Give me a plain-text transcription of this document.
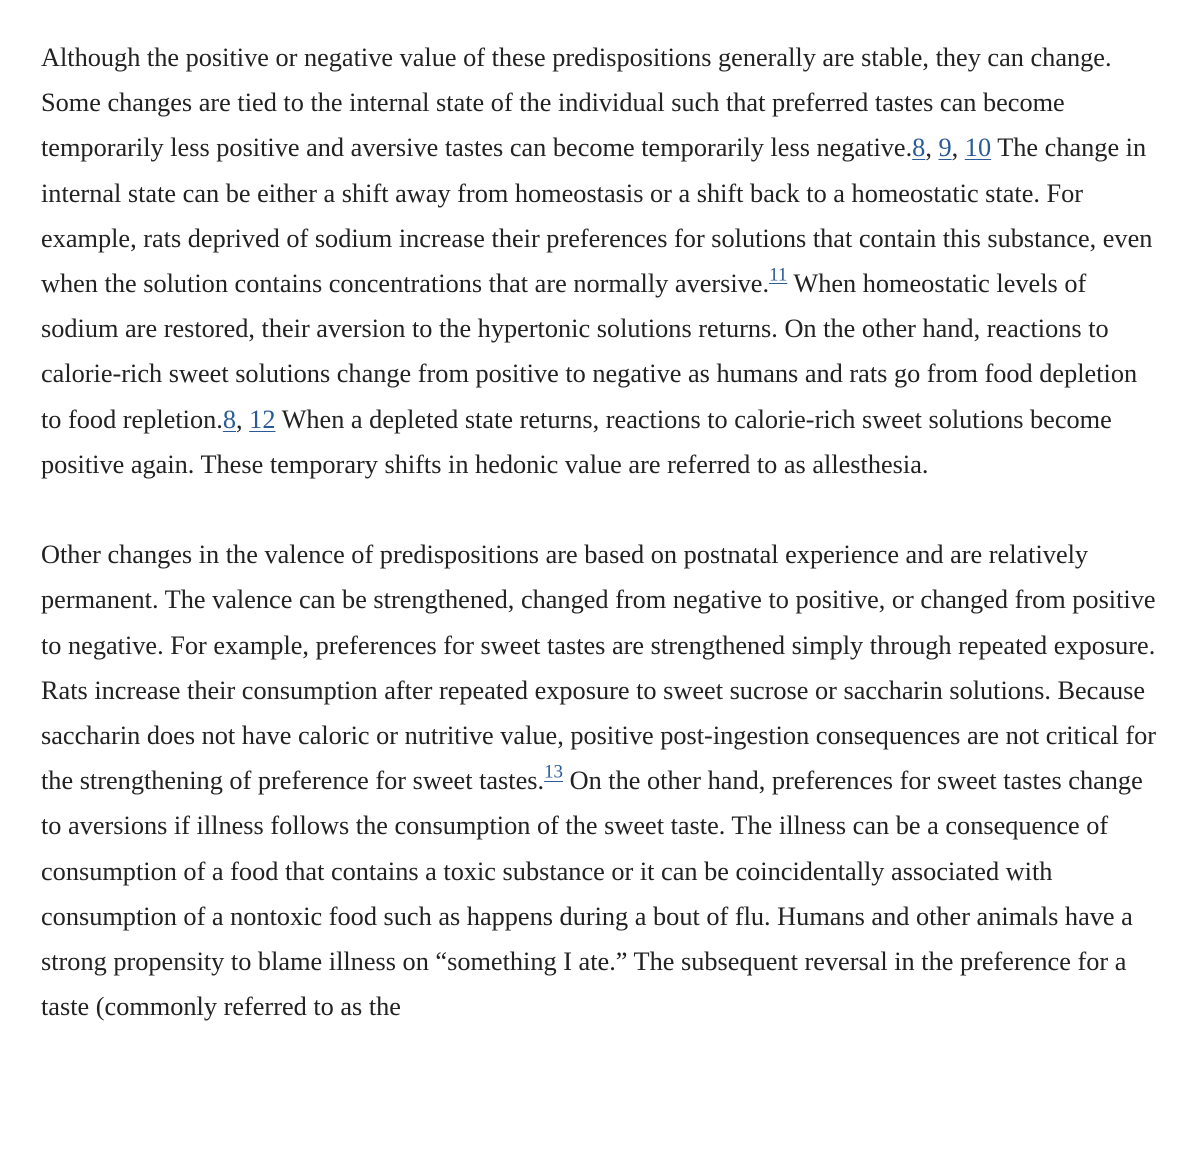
Although the positive or negative value of these predispositions generally are stable, they can change. Some changes are tied to the internal state of the individual such that preferred tastes can become temporarily less positive and aversive tastes can become temporarily less negative.8, 9, 10 The change in internal state can be either a shift away from homeostasis or a shift back to a homeostatic state. For example, rats deprived of sodium increase their preferences for solutions that contain this substance, even when the solution contains concentrations that are normally aversive.$^{11}$ When homeostatic levels of sodium are restored, their aversion to the hypertonic solutions returns. On the other hand, reactions to calorie-rich sweet solutions change from positive to negative as humans and rats go from food depletion to food repletion.8, 12 When a depleted state returns, reactions to calorie-rich sweet solutions become positive again. These temporary shifts in hedonic value are referred to as allesthesia.

Other changes in the valence of predispositions are based on postnatal experience and are relatively permanent. The valence can be strengthened, changed from negative to positive, or changed from positive to negative. For example, preferences for sweet tastes are strengthened simply through repeated exposure. Rats increase their consumption after repeated exposure to sweet sucrose or saccharin solutions. Because saccharin does not have caloric or nutritive value, positive post-ingestion consequences are not critical for the strengthening of preference for sweet tastes.$^{13}$ On the other hand, preferences for sweet tastes change to aversions if illness follows the consumption of the sweet taste. The illness can be a consequence of consumption of a food that contains a toxic substance or it can be coincidentally associated with consumption of a nontoxic food such as happens during a bout of flu. Humans and other animals have a strong propensity to blame illness on “something I ate.” The subsequent reversal in the preference for a taste (commonly referred to as the
